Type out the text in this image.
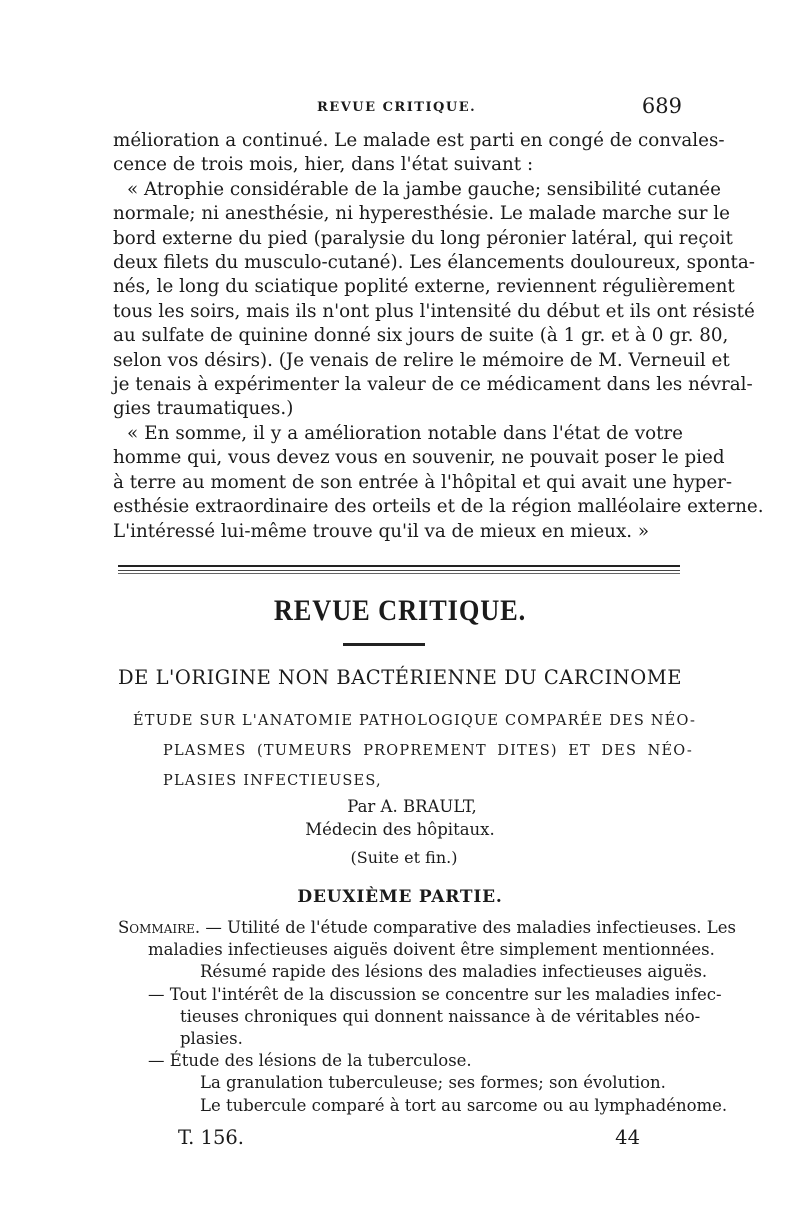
REVUE CRITIQUE.	689

mélioration a continué. Le malade est parti en congé de convales-
cence de trois mois, hier, dans l'état suivant :

« Atrophie considérable de la jambe gauche; sensibilité cutanée
normale; ni anesthésie, ni hyperesthésie. Le malade marche sur le
bord externe du pied (paralysie du long péronier latéral, qui reçoit
deux filets du musculo-cutané). Les élancements douloureux, sponta-
nés, le long du sciatique poplité externe, reviennent régulièrement
tous les soirs, mais ils n'ont plus l'intensité du début et ils ont résisté
au sulfate de quinine donné six jours de suite (à 1 gr. et à 0 gr. 80,
selon vos désirs). (Je venais de relire le mémoire de M. Verneuil et
je tenais à expérimenter la valeur de ce médicament dans les névral-
gies traumatiques.)

« En somme, il y a amélioration notable dans l'état de votre
homme qui, vous devez vous en souvenir, ne pouvait poser le pied
à terre au moment de son entrée à l'hôpital et qui avait une hyper-
esthésie extraordinaire des orteils et de la région malléolaire externe.
L'intéressé lui-même trouve qu'il va de mieux en mieux. »

REVUE CRITIQUE.
DE L'ORIGINE NON BACTÉRIENNE DU CARCINOME
ÉTUDE SUR L'ANATOMIE PATHOLOGIQUE COMPARÉE DES NÉO-
PLASMES (TUMEURS PROPREMENT DITES) ET DES NÉO-
PLASIES INFECTIEUSES,
Par A. BRAULT,
Médecin des hôpitaux.
(Suite et fin.)
DEUXIÈME PARTIE.
Sommaire. — Utilité de l'étude comparative des maladies infectieuses. Les
maladies infectieuses aiguës doivent être simplement mentionnées.
Résumé rapide des lésions des maladies infectieuses aiguës.
— Tout l'intérêt de la discussion se concentre sur les maladies infec-
tieuses chroniques qui donnent naissance à de véritables néo-
plasies.
— Étude des lésions de la tuberculose.
La granulation tuberculeuse; ses formes; son évolution.
Le tubercule comparé à tort au sarcome ou au lymphadénome.
T. 156.	44
